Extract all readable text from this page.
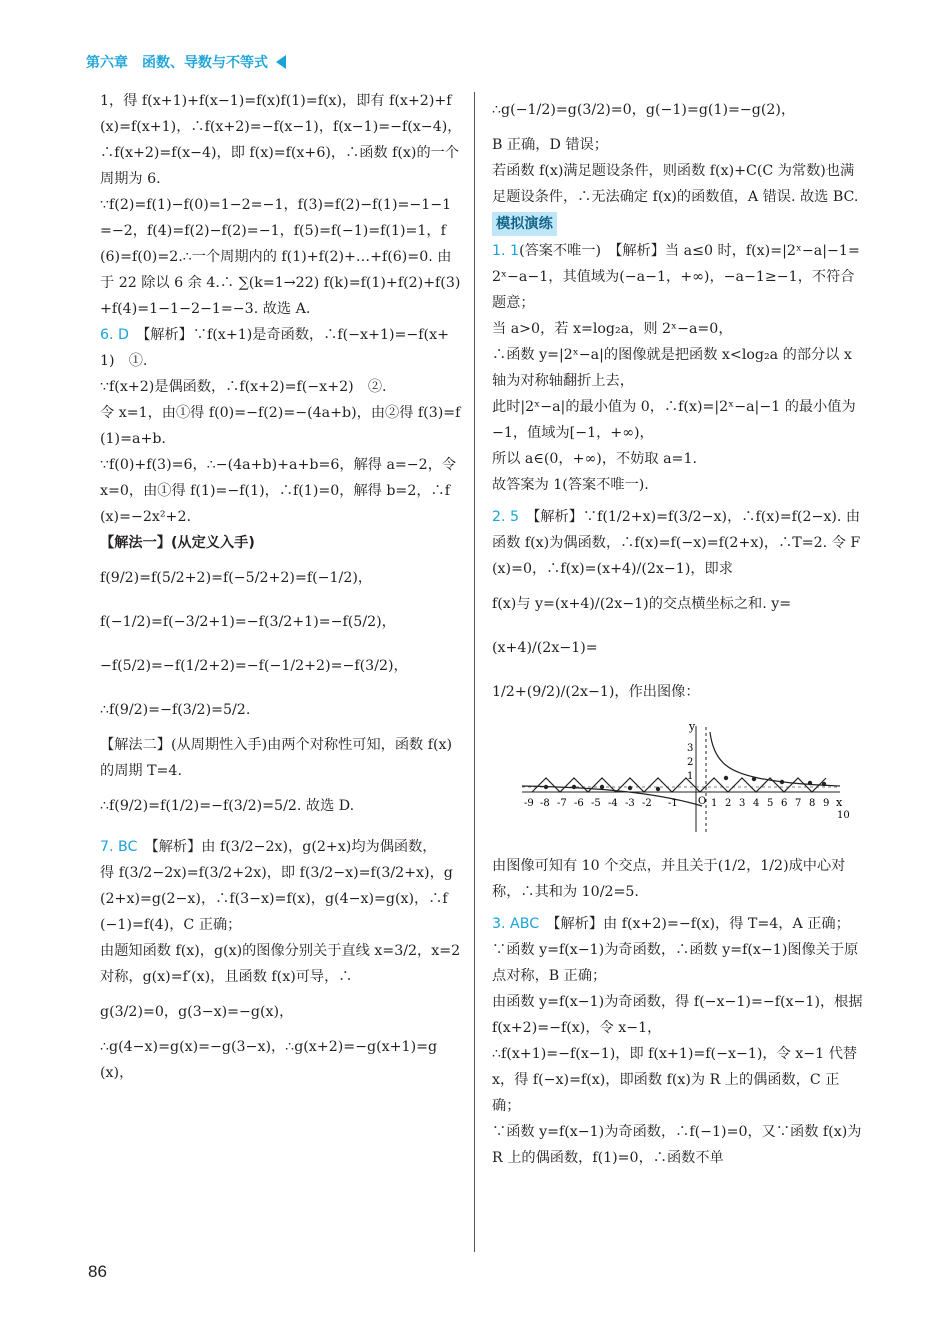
第六章　函数、导数与不等式

1，得 f(x+1)+f(x−1)=f(x)f(1)=f(x)，即有 f(x+2)+f(x)=f(x+1)，∴f(x+2)=−f(x−1)，f(x−1)=−f(x−4)，∴f(x+2)=f(x−4)，即 f(x)=f(x+6)，∴函数 f(x)的一个周期为 6.

∵f(2)=f(1)−f(0)=1−2=−1，f(3)=f(2)−f(1)=−1−1=−2，f(4)=f(2)−f(2)=−1，f(5)=f(−1)=f(1)=1，f(6)=f(0)=2.∴一个周期内的 f(1)+f(2)+…+f(6)=0. 由于 22 除以 6 余 4.∴ ∑(k=1→22) f(k)=f(1)+f(2)+f(3)+f(4)=1−1−2−1=−3. 故选 A.

6. D　 【解析】∵f(x+1)是奇函数，∴f(−x+1)=−f(x+1)　①.

∵f(x+2)是偶函数，∴f(x+2)=f(−x+2)　②.

令 x=1，由①得 f(0)=−f(2)=−(4a+b)，由②得 f(3)=f(1)=a+b.

∵f(0)+f(3)=6，∴−(4a+b)+a+b=6，解得 a=−2，令 x=0，由①得 f(1)=−f(1)，∴f(1)=0，解得 b=2，∴f(x)=−2x²+2.

【解法一】(从定义入手)

f(9/2)=f(5/2+2)=f(−5/2+2)=f(−1/2)，

f(−1/2)=f(−3/2+1)=−f(3/2+1)=−f(5/2)，

−f(5/2)=−f(1/2+2)=−f(−1/2+2)=−f(3/2)，

∴f(9/2)=−f(3/2)=5/2.

【解法二】(从周期性入手)由两个对称性可知，函数 f(x)的周期 T=4.

∴f(9/2)=f(1/2)=−f(3/2)=5/2. 故选 D.

7. BC　 【解析】由 f(3/2−2x)，g(2+x)均为偶函数，

得 f(3/2−2x)=f(3/2+2x)，即 f(3/2−x)=f(3/2+x)，g(2+x)=g(2−x)，∴f(3−x)=f(x)，g(4−x)=g(x)，∴f(−1)=f(4)，C 正确；

由题知函数 f(x)，g(x)的图像分别关于直线 x=3/2，x=2 对称，g(x)=f′(x)，且函数 f(x)可导，∴

g(3/2)=0，g(3−x)=−g(x)，

∴g(4−x)=g(x)=−g(3−x)，∴g(x+2)=−g(x+1)=g(x)，

∴g(−1/2)=g(3/2)=0，g(−1)=g(1)=−g(2)，

B 正确，D 错误；

若函数 f(x)满足题设条件，则函数 f(x)+C(C 为常数)也满足题设条件，∴无法确定 f(x)的函数值，A 错误. 故选 BC.

模拟演练

1. 1(答案不唯一)　【解析】当 a≤0 时，f(x)=|2ˣ−a|−1=2ˣ−a−1，其值域为(−a−1，+∞)，−a−1≥−1，不符合题意；

当 a>0，若 x=log₂a，则 2ˣ−a=0，

∴函数 y=|2ˣ−a|的图像就是把函数 x<log₂a 的部分以 x 轴为对称轴翻折上去，

此时|2ˣ−a|的最小值为 0，∴f(x)=|2ˣ−a|−1 的最小值为−1，值域为[−1，+∞)，

所以 a∈(0，+∞)，不妨取 a=1.

故答案为 1(答案不唯一).

2. 5　 【解析】∵f(1/2+x)=f(3/2−x)，∴f(x)=f(2−x). 由函数 f(x)为偶函数，∴f(x)=f(−x)=f(2+x)，∴T=2. 令 F(x)=0，∴f(x)=(x+4)/(2x−1)，即求

f(x)与 y=(x+4)/(2x−1)的交点横坐标之和. y=(x+4)/(2x−1)=

1/2+(9/2)/(2x−1)，作出图像：

y
x
O
1
2
3
-9 -8 -7 -6 -5 -4 -3 -2 -1	1 2 3 4 5 6 7 8 9
10

由图像可知有 10 个交点，并且关于(1/2，1/2)成中心对称，∴其和为 10/2=5.

3. ABC　 【解析】由 f(x+2)=−f(x)，得 T=4，A 正确；

∵函数 y=f(x−1)为奇函数，∴函数 y=f(x−1)图像关于原点对称，B 正确；

由函数 y=f(x−1)为奇函数，得 f(−x−1)=−f(x−1)，根据 f(x+2)=−f(x)，令 x−1，

∴f(x+1)=−f(x−1)，即 f(x+1)=f(−x−1)，令 x−1 代替 x，得 f(−x)=f(x)，即函数 f(x)为 R 上的偶函数，C 正确；

∵函数 y=f(x−1)为奇函数，∴f(−1)=0，又∵函数 f(x)为 R 上的偶函数，f(1)=0，∴函数不单

86
